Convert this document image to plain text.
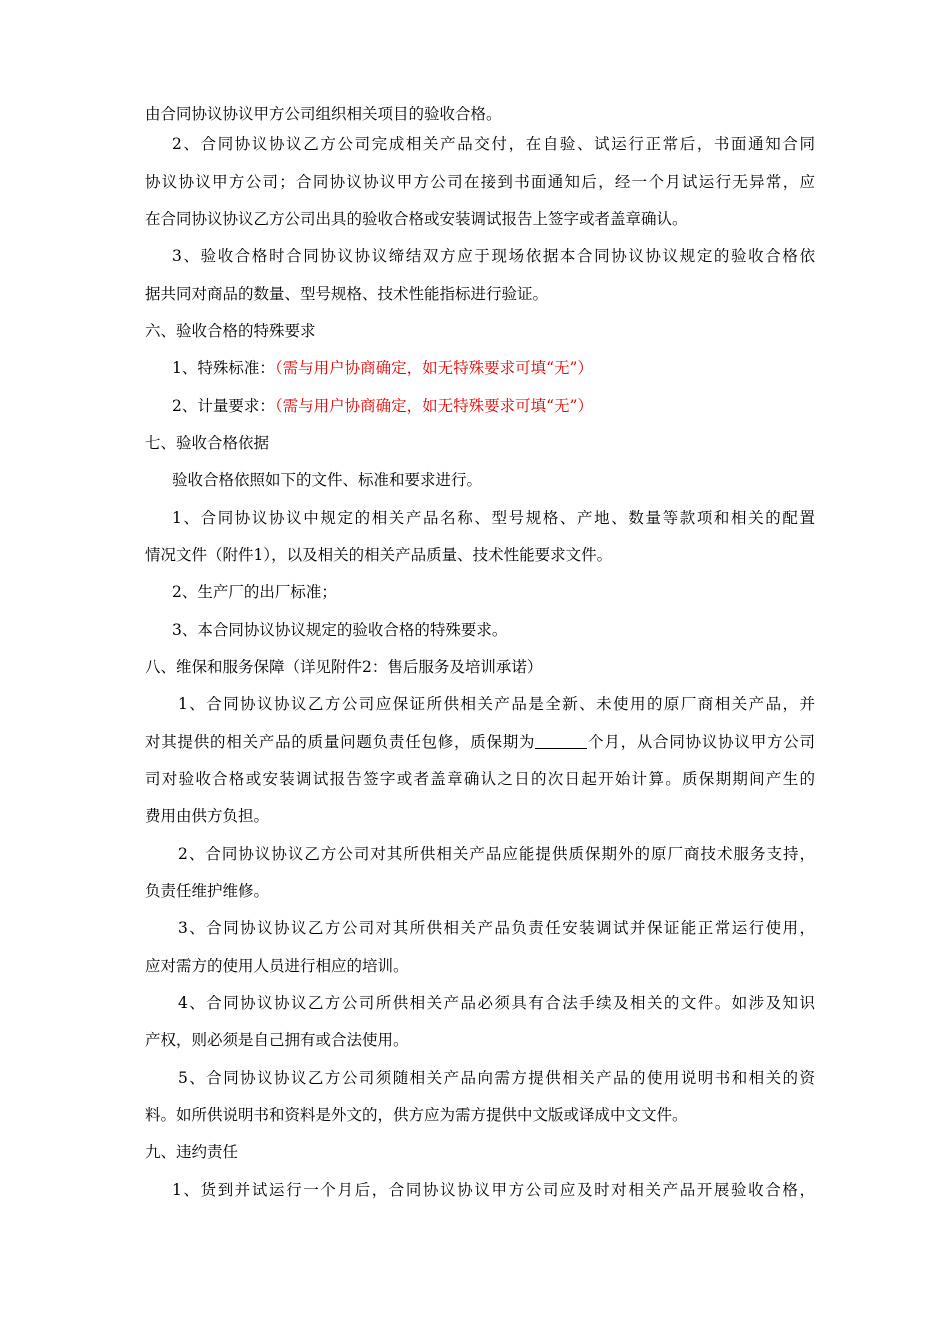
由合同协议协议甲方公司组织相关项目的验收合格。
2、合同协议协议乙方公司完成相关产品交付，在自验、试运行正常后，书面通知合同
协议协议甲方公司；合同协议协议甲方公司在接到书面通知后，经一个月试运行无异常，应
在合同协议协议乙方公司出具的验收合格或安装调试报告上签字或者盖章确认。
3、验收合格时合同协议协议缔结双方应于现场依据本合同协议协议规定的验收合格依
据共同对商品的数量、型号规格、技术性能指标进行验证。
六、验收合格的特殊要求
1、特殊标准：（需与用户协商确定，如无特殊要求可填“无”）
2、计量要求：（需与用户协商确定，如无特殊要求可填“无”）
七、验收合格依据
验收合格依照如下的文件、标准和要求进行。
1、合同协议协议中规定的相关产品名称、型号规格、产地、数量等款项和相关的配置
情况文件（附件1），以及相关的相关产品质量、技术性能要求文件。
2、生产厂的出厂标准；
3、本合同协议协议规定的验收合格的特殊要求。
八、维保和服务保障（详见附件2：售后服务及培训承诺）
1、合同协议协议乙方公司应保证所供相关产品是全新、未使用的原厂商相关产品，并
对其提供的相关产品的质量问题负责任包修，质保期为	个月，从合同协议协议甲方公司
司对验收合格或安装调试报告签字或者盖章确认之日的次日起开始计算。质保期期间产生的
费用由供方负担。
2、合同协议协议乙方公司对其所供相关产品应能提供质保期外的原厂商技术服务支持，
负责任维护维修。
3、合同协议协议乙方公司对其所供相关产品负责任安装调试并保证能正常运行使用，
应对需方的使用人员进行相应的培训。
4、合同协议协议乙方公司所供相关产品必须具有合法手续及相关的文件。如涉及知识
产权，则必须是自己拥有或合法使用。
5、合同协议协议乙方公司须随相关产品向需方提供相关产品的使用说明书和相关的资
料。如所供说明书和资料是外文的，供方应为需方提供中文版或译成中文文件。
九、违约责任
1、货到并试运行一个月后，合同协议协议甲方公司应及时对相关产品开展验收合格，
